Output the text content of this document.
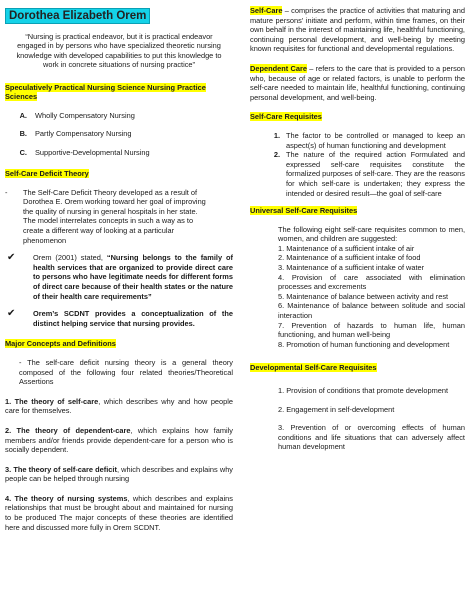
Dorothea Elizabeth Orem

“Nursing is practical endeavor, but it is practical endeavor engaged in by persons who have specialized theoretic nursing knowledge with developed capabilities to put this knowledge to work in concrete situations of nursing practice”

Speculatively Practical Nursing Science Nursing Practice Sciences
A.	Wholly Compensatory Nursing
B.	Partly Compensatory Nursing
C.	Supportive-Developmental Nursing
Self-Care Deficit Theory
-	The Self-Care Deficit Theory developed as a result of Dorothea E. Orem working toward her goal of improving the quality of nursing in general hospitals in her state. The model interrelates concepts in such a way as to create a different way of looking at a particular phenomenon
✔	Orem (2001) stated, “Nursing belongs to the family of health services that are organized to provide direct care to persons who have legitimate needs for different forms of direct care because of their health states or the nature of their health care requirements”
✔	Orem’s SCDNT provides a conceptualization of the distinct helping service that nursing provides.
Major Concepts and Definitions

- The self-care deficit nursing theory is a general theory composed of the following four related theories/Theoretical Assertions

1. The theory of self-care, which describes why and how people care for themselves.

2. The theory of dependent-care, which explains how family members and/or friends provide dependent-care for a person who is socially dependent.

3. The theory of self-care deficit, which describes and explains why people can be helped through nursing

4. The theory of nursing systems, which describes and explains relationships that must be brought about and maintained for nursing to be produced The major concepts of these theories are identified here and discussed more fully in Orem SCDNT.

Self-Care – comprises the practice of activities that maturing and mature persons' initiate and perform, within time frames, on their own behalf in the interest of maintaining life, healthful functioning, continuing personal development, and well-being by meeting known requisites for functional and developmental regulations.

Dependent Care – refers to the care that is provided to a person who, because of age or related factors, is unable to perform the self-care needed to maintain life, healthful functioning, continuing personal development, and well-being.

Self-Care Requisites
1. The factor to be controlled or managed to keep an aspect(s) of human functioning and development
2. The nature of the required action Formulated and expressed self-care requisites constitute the formalized purposes of self-care. They are the reasons for which self-care is undertaken; they express the intended or desired result—the goal of self-care
Universal Self-Care Requisites

The following eight self-care requisites common to men, women, and children are suggested:

1. Maintenance of a sufficient intake of air
2. Maintenance of a sufficient intake of food
3. Maintenance of a sufficient intake of water
4. Provision of care associated with elimination processes and excrements
5. Maintenance of balance between activity and rest
6. Maintenance of balance between solitude and social interaction
7. Prevention of hazards to human life, human functioning, and human well-being
8. Promotion of human functioning and development
Developmental Self-Care Requisites
1. Provision of conditions that promote development
2. Engagement in self-development
3. Prevention of or overcoming effects of human conditions and life situations that can adversely affect human development
